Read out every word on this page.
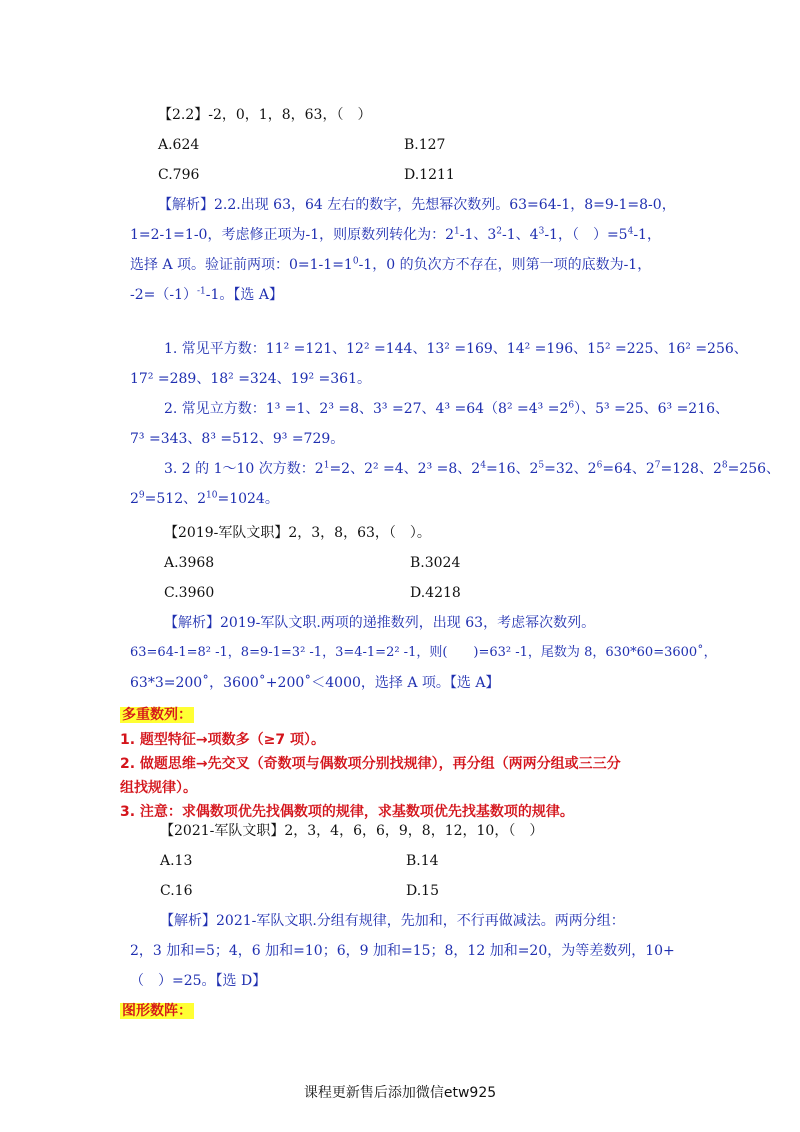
【2.2】-2，0，1，8，63，（　）
A.624	B.127
C.796	D.1211
【解析】2.2.出现 63，64 左右的数字，先想幂次数列。63=64-1，8=9-1=8-0，
1=2-1=1-0，考虑修正项为-1，则原数列转化为：$2^1-1$、$3^2-1$、$4^3-1$，（　）$=5^4-1$，
选择 A 项。验证前两项：$0=1-1=1^0-1$，0 的负次方不存在，则第一项的底数为-1，
$-2=(-1)^{-1}-1$。【选 A】
1. 常见平方数：11² =121、12² =144、13² =169、14² =196、15² =225、16² =256、
17² =289、18² =324、19² =361。
2. 常见立方数：1³ =1、2³ =8、3³ =27、$4^3 =64(8^2 =4^3 =2^6)$、5³ =25、6³ =216、
7³ =343、8³ =512、9³ =729。
3. 2 的 1～10 次方数：$2^1=2$、2² =4、2³ =8、$2^4=16$、$2^5=32$、$2^6=64$、$2^7=128$、$2^8=256$、
$2^9=512$、$2^{10}=1024$。
【2019-军队文职】2，3，8，63，（　）。
A.3968	B.3024
C.3960	D.4218
【解析】2019-军队文职.两项的递推数列，出现 63，考虑幂次数列。
63=64-1=8² -1，8=9-1=3² -1，3=4-1=2² -1，则(　　)=63² -1，尾数为 8，630*60=3600˚，
63*3=200˚，3600˚+200˚＜4000，选择 A 项。【选 A】
多重数列：
1. 题型特征→项数多（≥7 项）。
2. 做题思维→先交叉（奇数项与偶数项分别找规律），再分组（两两分组或三三分
组找规律）。
3. 注意：求偶数项优先找偶数项的规律，求基数项优先找基数项的规律。
【2021-军队文职】2，3，4，6，6，9，8，12，10，（　）
A.13	B.14
C.16	D.15
【解析】2021-军队文职.分组有规律，先加和，不行再做减法。两两分组：
2，3 加和=5；4，6 加和=10；6，9 加和=15；8，12 加和=20，为等差数列，10+
（　）=25。【选 D】
图形数阵：
课程更新售后添加微信etw925
